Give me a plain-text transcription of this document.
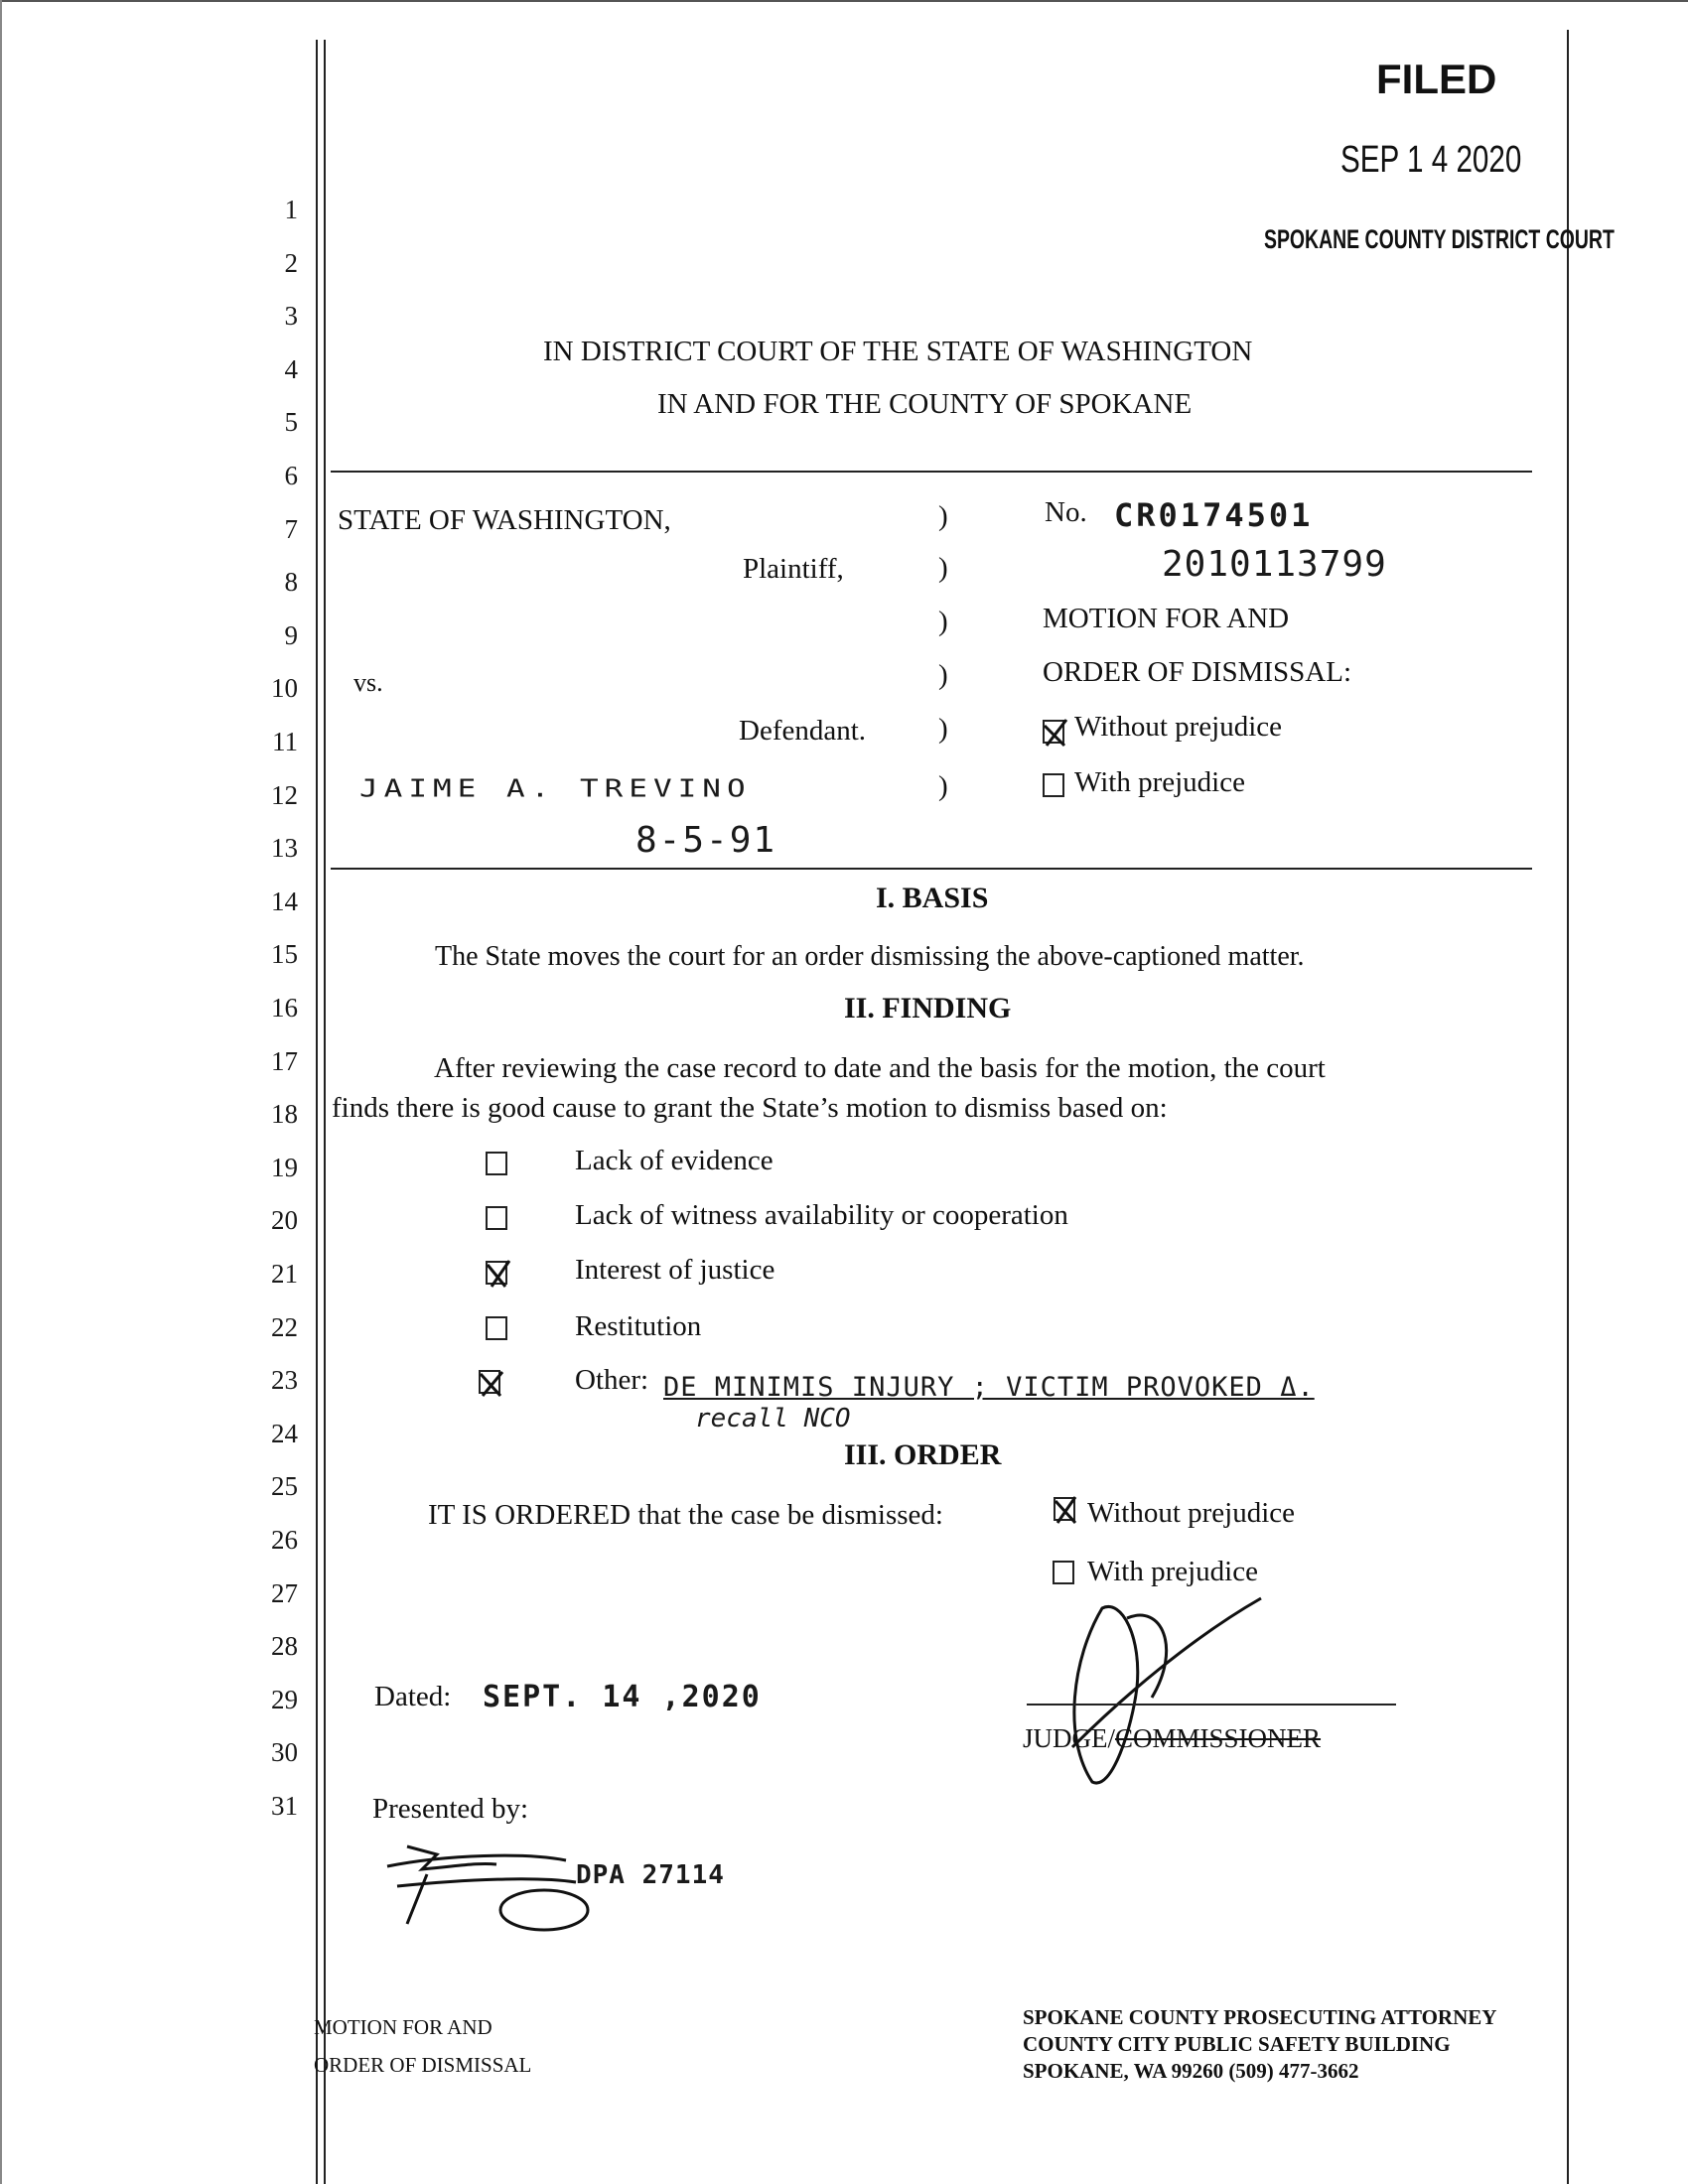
FILED
SEP 1 4 2020
SPOKANE COUNTY DISTRICT COURT
1
2
3
4
5
6
7
8
9
10
11
12
13
14
15
16
17
18
19
20
21
22
23
24
25
26
27
28
29
30
31
IN DISTRICT COURT OF THE STATE OF WASHINGTON
IN AND FOR THE COUNTY OF SPOKANE
STATE OF WASHINGTON,
Plaintiff,
vs.
Defendant.
JAIME A. TREVINO
8-5-91
)
)
)
)
)
)
No. CR0174501
2010113799
MOTION FOR AND
ORDER OF DISMISSAL:
Without prejudice
With prejudice
I. BASIS
The State moves the court for an order dismissing the above-captioned matter.
II. FINDING
After reviewing the case record to date and the basis for the motion, the court
finds there is good cause to grant the State’s motion to dismiss based on:
Lack of evidence
Lack of witness availability or cooperation
Interest of justice
Restitution
Other: DE MINIMIS INJURY ; VICTIM PROVOKED Δ.
recall NCO
III. ORDER
IT IS ORDERED that the case be dismissed:	Without prejudice
With prejudice
JUDGE/COMMISSIONER
Dated: SEPT. 14 ,2020
Presented by:
DPA 27114
MOTION FOR AND
ORDER OF DISMISSAL
SPOKANE COUNTY PROSECUTING ATTORNEY
COUNTY CITY PUBLIC SAFETY BUILDING
SPOKANE, WA 99260 (509) 477-3662
